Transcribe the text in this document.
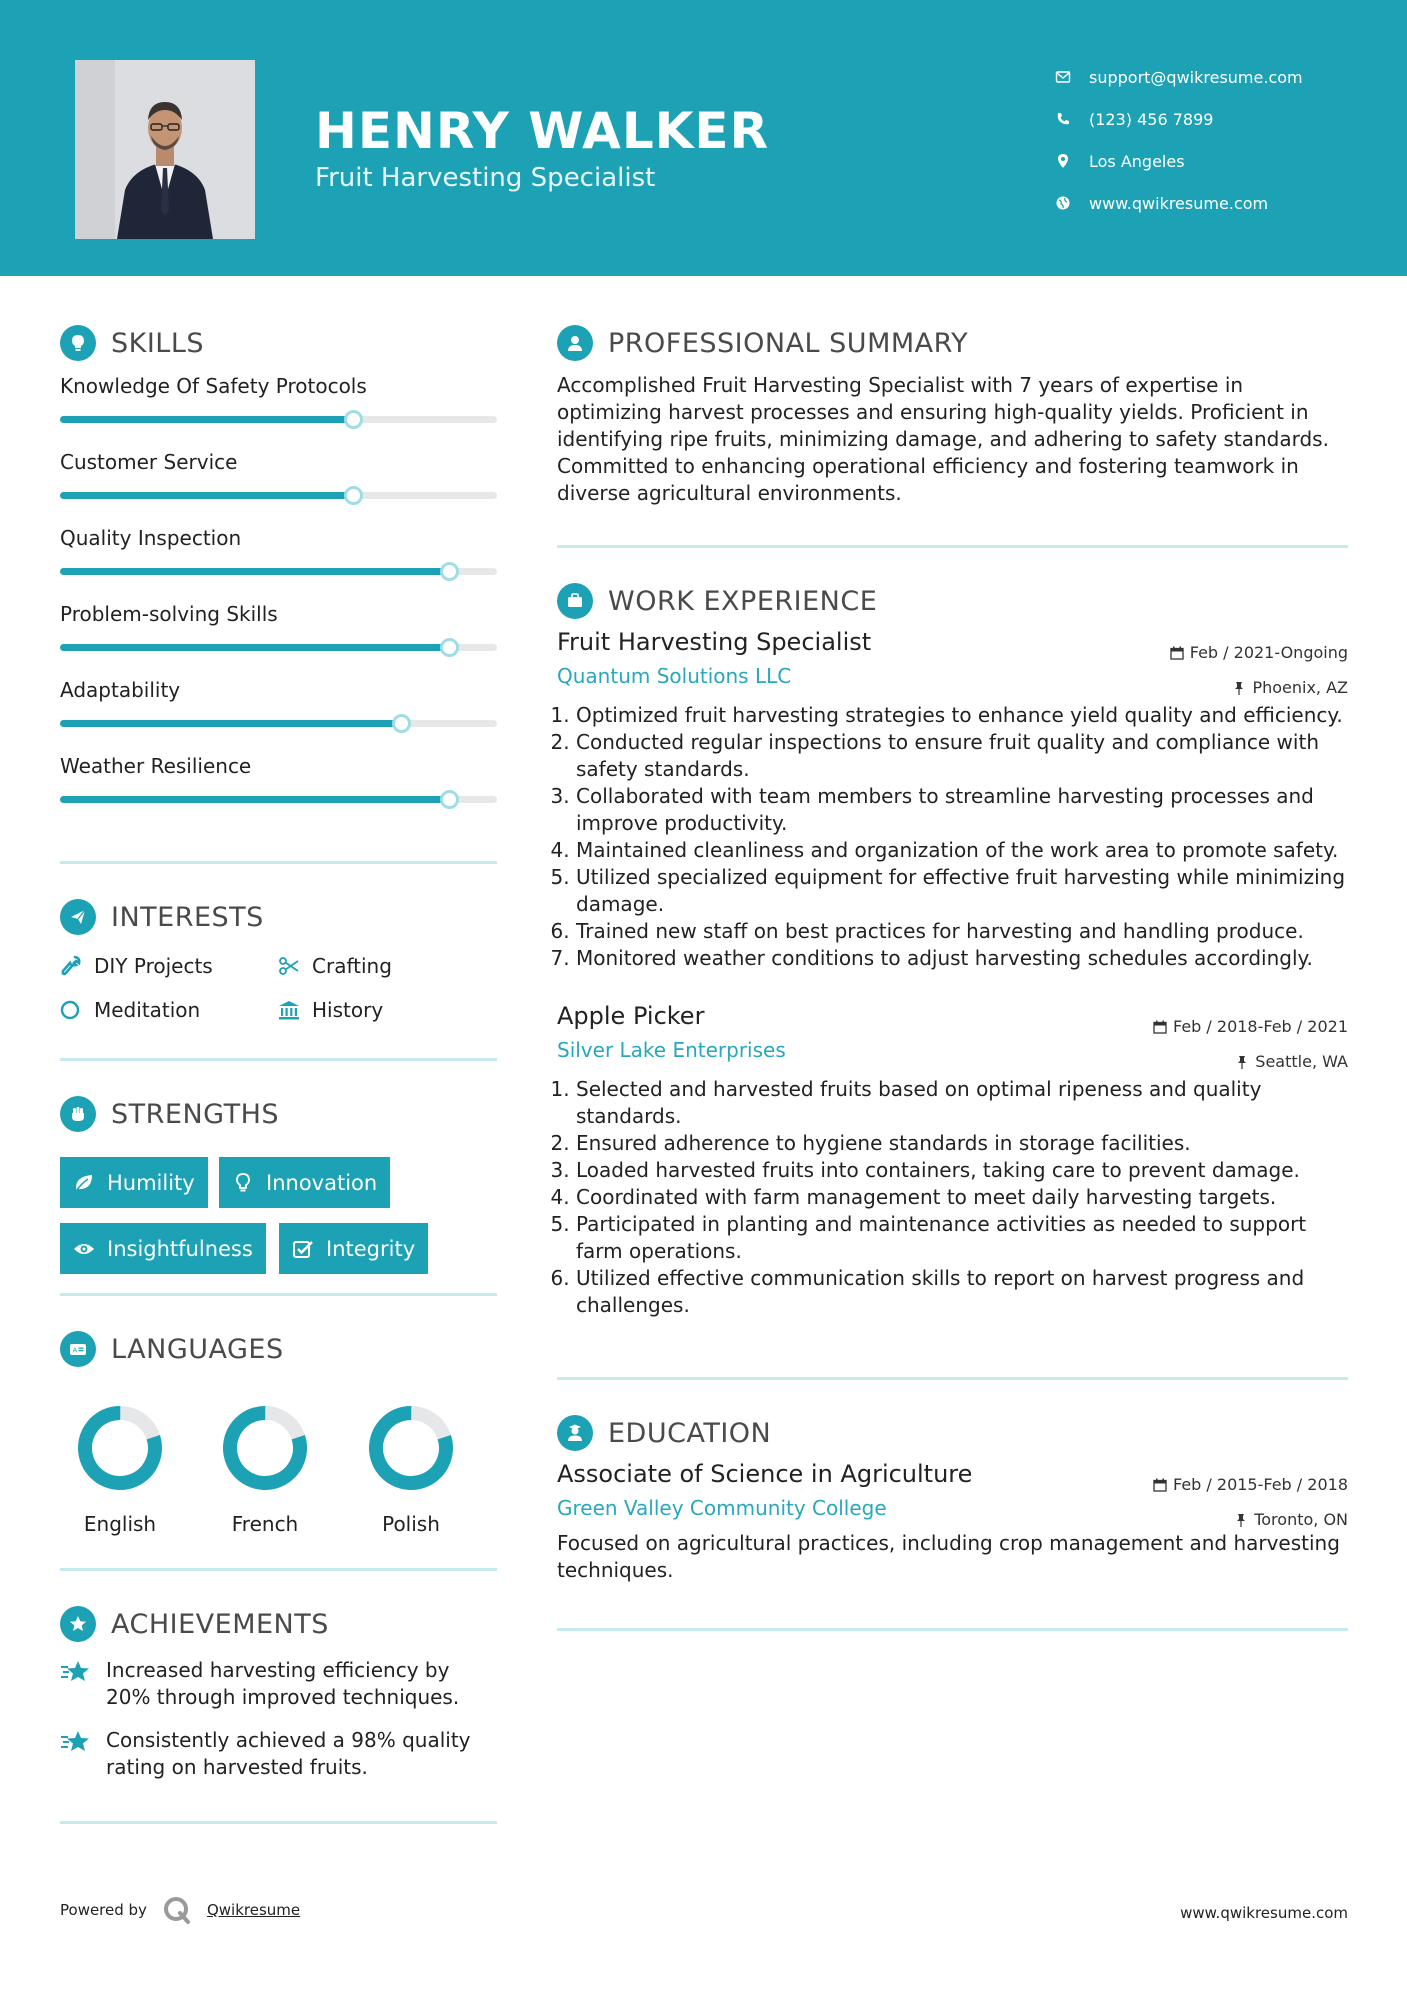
HENRY WALKER
Fruit Harvesting Specialist
support@qwikresume.com
(123) 456 7899
Los Angeles
www.qwikresume.com
SKILLS
Knowledge Of Safety Protocols
Customer Service
Quality Inspection
Problem-solving Skills
Adaptability
Weather Resilience
INTERESTS
DIY Projects	Crafting
Meditation	History
STRENGTHS
Humility	Innovation
Insightfulness	Integrity
A LANGUAGES
English	French	Polish
ACHIEVEMENTS
Increased harvesting efficiency by 20% through improved techniques.
Consistently achieved a 98% quality rating on harvested fruits.
PROFESSIONAL SUMMARY
Accomplished Fruit Harvesting Specialist with 7 years of expertise in optimizing harvest processes and ensuring high-quality yields. Proficient in identifying ripe fruits, minimizing damage, and adhering to safety standards. Committed to enhancing operational efficiency and fostering teamwork in diverse agricultural environments.
WORK EXPERIENCE
Fruit Harvesting Specialist
Quantum Solutions LLC
Feb / 2021-Ongoing
Phoenix, AZ
1. Optimized fruit harvesting strategies to enhance yield quality and efficiency.
2. Conducted regular inspections to ensure fruit quality and compliance with safety standards.
3. Collaborated with team members to streamline harvesting processes and improve productivity.
4. Maintained cleanliness and organization of the work area to promote safety.
5. Utilized specialized equipment for effective fruit harvesting while minimizing damage.
6. Trained new staff on best practices for harvesting and handling produce.
7. Monitored weather conditions to adjust harvesting schedules accordingly.
Apple Picker
Silver Lake Enterprises
Feb / 2018-Feb / 2021
Seattle, WA
1. Selected and harvested fruits based on optimal ripeness and quality standards.
2. Ensured adherence to hygiene standards in storage facilities.
3. Loaded harvested fruits into containers, taking care to prevent damage.
4. Coordinated with farm management to meet daily harvesting targets.
5. Participated in planting and maintenance activities as needed to support farm operations.
6. Utilized effective communication skills to report on harvest progress and challenges.
EDUCATION
Associate of Science in Agriculture
Green Valley Community College
Feb / 2015-Feb / 2018
Toronto, ON
Focused on agricultural practices, including crop management and harvesting techniques.
Powered by	Qwikresume	www.qwikresume.com
